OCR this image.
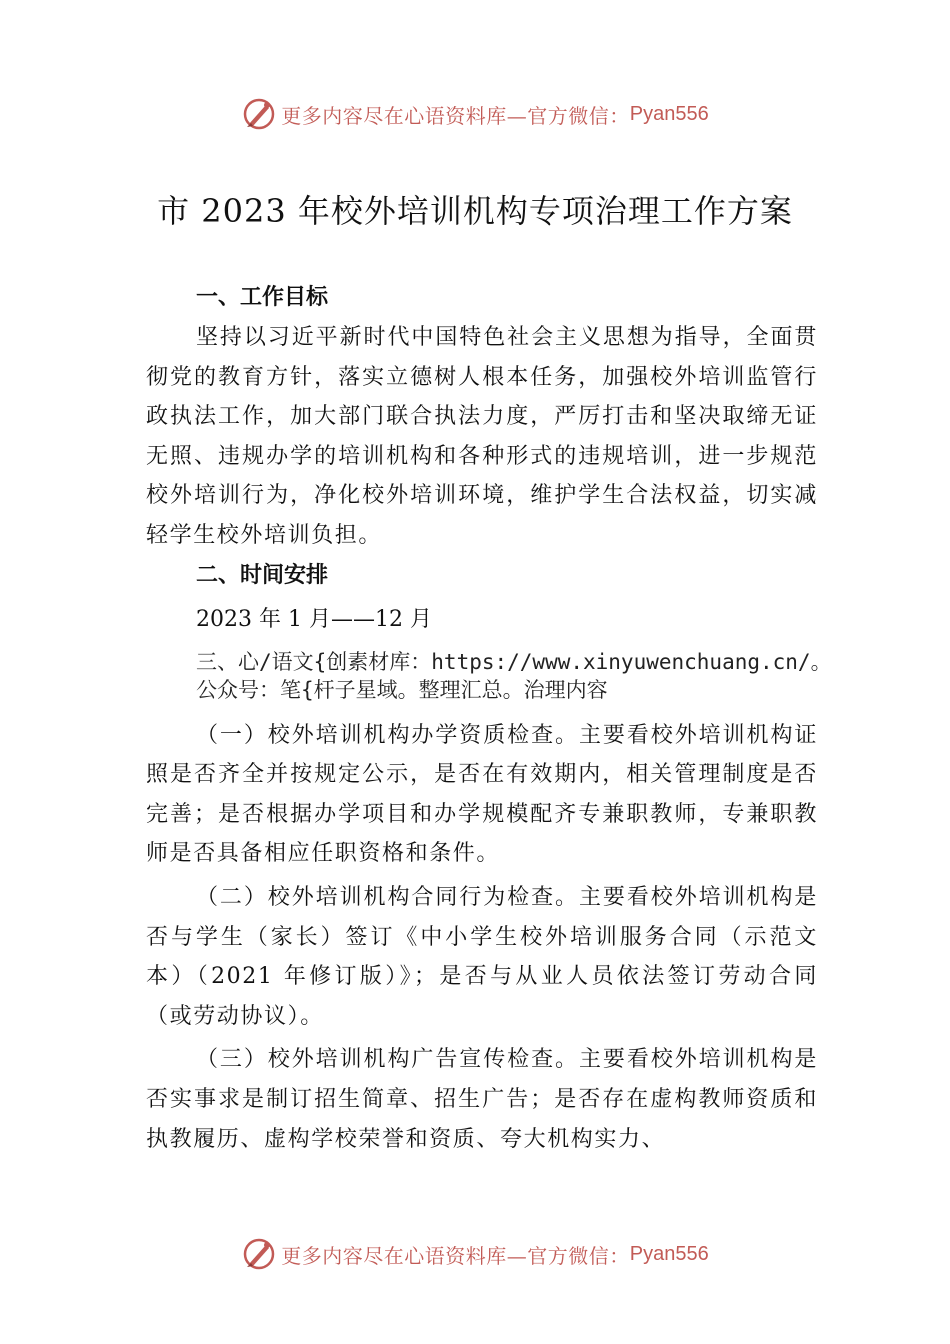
更多内容尽在心语资料库—官方微信： Pyan556
市 2023 年校外培训机构专项治理工作方案
一、工作目标

坚持以习近平新时代中国特色社会主义思想为指导，全面贯彻党的教育方针，落实立德树人根本任务，加强校外培训监管行政执法工作，加大部门联合执法力度，严厉打击和坚决取缔无证无照、违规办学的培训机构和各种形式的违规培训，进一步规范校外培训行为，净化校外培训环境，维护学生合法权益，切实减轻学生校外培训负担。

二、时间安排
2023 年 1 月——12 月
三、心/语文{创素材库：https://www.xinyuwenchuang.cn/。公众号：笔{杆子星域。整理汇总。治理内容

（一）校外培训机构办学资质检查。主要看校外培训机构证照是否齐全并按规定公示，是否在有效期内，相关管理制度是否完善；是否根据办学项目和办学规模配齐专兼职教师，专兼职教师是否具备相应任职资格和条件。

（二）校外培训机构合同行为检查。主要看校外培训机构是否与学生（家长）签订《中小学生校外培训服务合同（示范文本）（2021 年修订版）》；是否与从业人员依法签订劳动合同（或劳动协议）。

（三）校外培训机构广告宣传检查。主要看校外培训机构是否实事求是制订招生简章、招生广告；是否存在虚构教师资质和执教履历、虚构学校荣誉和资质、夸大机构实力、

更多内容尽在心语资料库—官方微信： Pyan556
